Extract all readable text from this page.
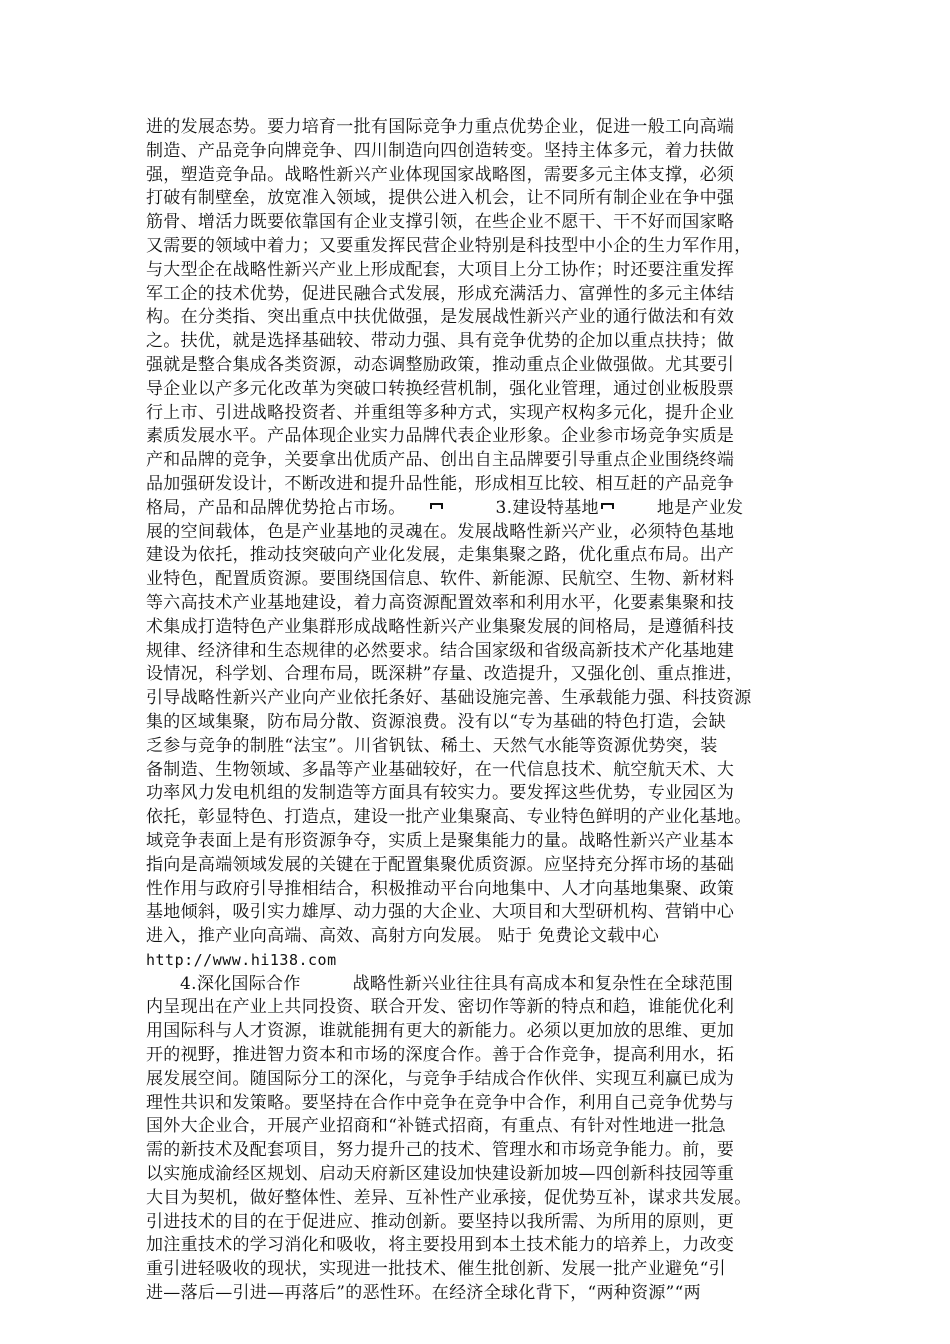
进的发展态势。要力培育一批有国际竞争力重点优势企业，促进一般工向高端
制造、产品竞争向牌竞争、四川制造向四创造转变。坚持主体多元，着力扶做
强，塑造竞争品。战略性新兴产业体现国家战略图，需要多元主体支撑，必须
打破有制壁垒，放宽准入领域，提供公进入机会，让不同所有制企业在争中强
筋骨、增活力既要依靠国有企业支撑引领，在些企业不愿干、干不好而国家略
又需要的领域中着力；又要重发挥民营企业特别是科技型中小企的生力军作用，
与大型企在战略性新兴产业上形成配套，大项目上分工协作；时还要注重发挥
军工企的技术优势，促进民融合式发展，形成充满活力、富弹性的多元主体结
构。在分类指、突出重点中扶优做强，是发展战性新兴产业的通行做法和有效
之。扶优，就是选择基础较、带动力强、具有竞争优势的企加以重点扶持；做
强就是整合集成各类资源，动态调整励政策，推动重点企业做强做。尤其要引
导企业以产多元化改革为突破口转换经营机制，强化业管理，通过创业板股票
行上市、引进战略投资者、并重组等多种方式，实现产权构多元化，提升企业
素质发展水平。产品体现企业实力品牌代表企业形象。企业参市场竞争实质是
产和品牌的竞争，关要拿出优质产品、创出自主品牌要引导重点企业围绕终端
品加强研发设计，不断改进和提升品性能，形成相互比较、相互赶的产品竞争
格局，产品和品牌优势抢占市场。	3.建设特基地	地是产业发
展的空间载体，色是产业基地的灵魂在。发展战略性新兴产业，必须特色基地
建设为依托，推动技突破向产业化发展，走集集聚之路，优化重点布局。出产
业特色，配置质资源。要围绕国信息、软件、新能源、民航空、生物、新材料
等六高技术产业基地建设，着力高资源配置效率和利用水平，化要素集聚和技
术集成打造特色产业集群形成战略性新兴产业集聚发展的间格局，是遵循科技
规律、经济律和生态规律的必然要求。结合国家级和省级高新技术产化基地建
设情况，科学划、合理布局，既深耕”存量、改造提升，又强化创、重点推进，
引导战略性新兴产业向产业依托条好、基础设施完善、生承载能力强、科技资源
集的区域集聚，防布局分散、资源浪费。没有以“专为基础的特色打造，会缺
乏参与竞争的制胜“法宝”。川省钒钛、稀土、天然气水能等资源优势突，装
备制造、生物领域、多晶等产业基础较好，在一代信息技术、航空航天术、大
功率风力发电机组的发制造等方面具有较实力。要发挥这些优势，专业园区为
依托，彰显特色、打造点，建设一批产业集聚高、专业特色鲜明的产业化基地。
域竞争表面上是有形资源争夺，实质上是聚集能力的量。战略性新兴产业基本
指向是高端领域发展的关键在于配置集聚优质资源。应坚持充分挥市场的基础
性作用与政府引导推相结合，积极推动平台向地集中、人才向基地集聚、政策
基地倾斜，吸引实力雄厚、动力强的大企业、大项目和大型研机构、营销中心
进入，推产业向高端、高效、高射方向发展。 贴于 免费论文载中心
http://www.hi138.com
4.深化国际合作	战略性新兴业往往具有高成本和复杂性在全球范围
内呈现出在产业上共同投资、联合开发、密切作等新的特点和趋，谁能优化利
用国际科与人才资源，谁就能拥有更大的新能力。必须以更加放的思维、更加
开的视野，推进智力资本和市场的深度合作。善于合作竞争，提高利用水，拓
展发展空间。随国际分工的深化，与竞争手结成合作伙伴、实现互利赢已成为
理性共识和发策略。要坚持在合作中竞争在竞争中合作，利用自己竞争优势与
国外大企业合，开展产业招商和“补链式招商，有重点、有针对性地进一批急
需的新技术及配套项目，努力提升己的技术、管理水和市场竞争能力。前，要
以实施成渝经区规划、启动天府新区建设加快建设新加坡—四创新科技园等重
大目为契机，做好整体性、差异、互补性产业承接，促优势互补，谋求共发展。
引进技术的目的在于促进应、推动创新。要坚持以我所需、为所用的原则，更
加注重技术的学习消化和吸收，将主要投用到本土技术能力的培养上，力改变
重引进轻吸收的现状，实现进一批技术、催生批创新、发展一批产业避免“引
进—落后—引进—再落后”的恶性环。在经济全球化背下，“两种资源”“两
